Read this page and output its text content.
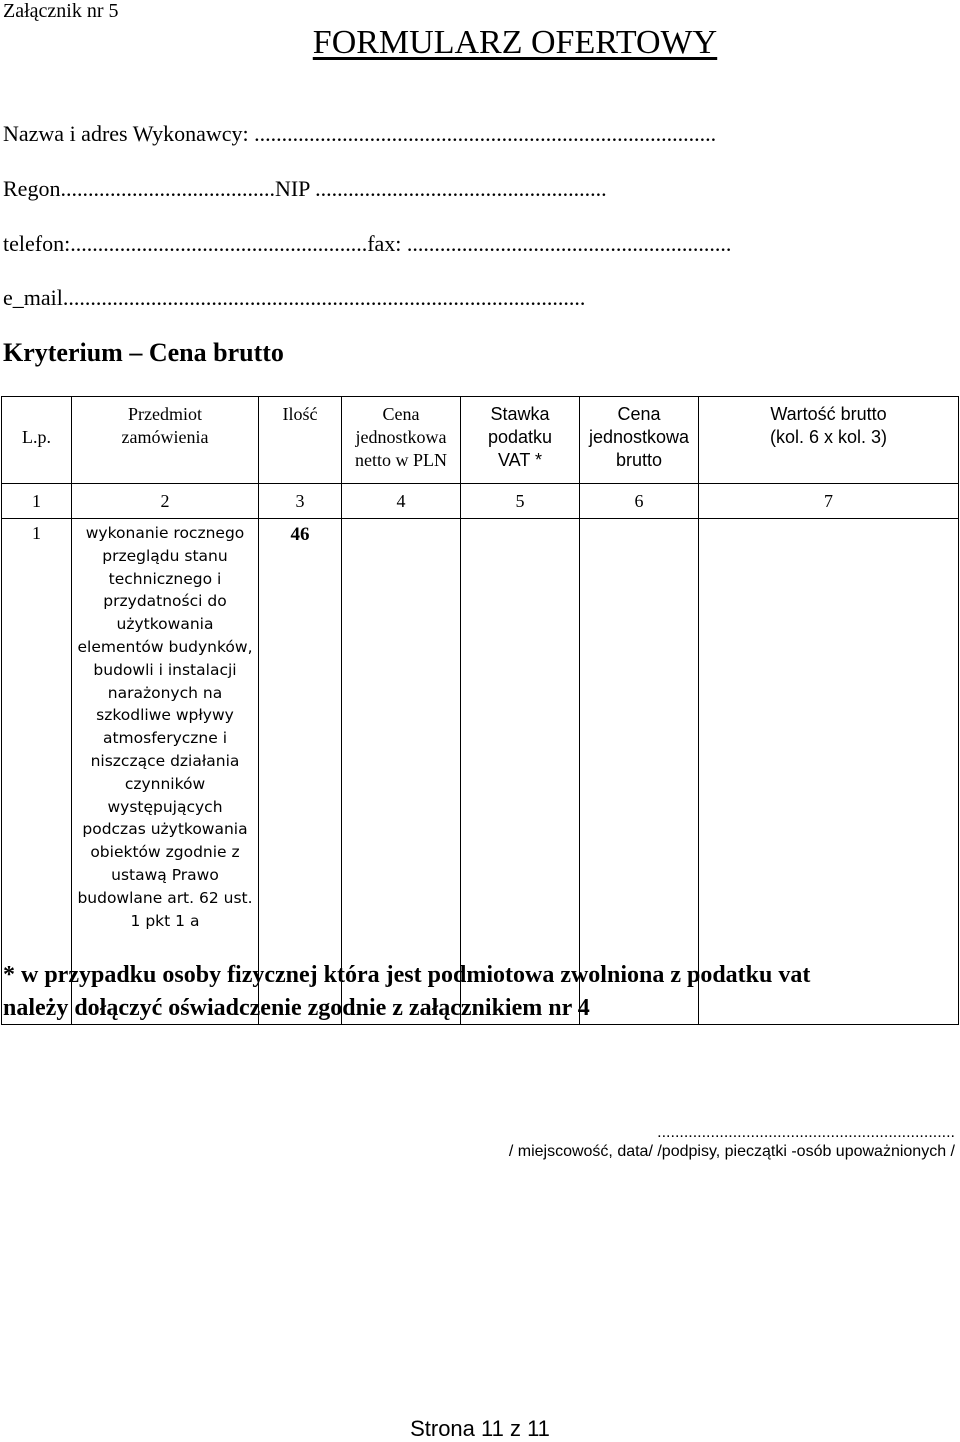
Załącznik nr 5
FORMULARZ OFERTOWY
Nazwa i adres Wykonawcy: ....................................................................................
Regon.......................................NIP .....................................................
telefon:......................................................fax: ...........................................................
e_mail...............................................................................................
Kryterium – Cena brutto
L.p.	Przedmiot zamówienia	Ilość	Cena jednostkowa netto w PLN	Stawka podatku VAT *	Cena jednostkowa brutto	Wartość brutto (kol. 6 x kol. 3)

1	2	3	4	5	6	7
1	wykonanie rocznego przeglądu stanu technicznego i przydatności do użytkowania elementów budynków, budowli i instalacji narażonych na szkodliwe wpływy atmosferyczne i niszczące działania czynników występujących podczas użytkowania obiektów zgodnie z ustawą Prawo budowlane art. 62 ust. 1 pkt 1 a	46				
* w przypadku osoby fizycznej która jest podmiotowa zwolniona z podatku vat
należy dołączyć oświadczenie zgodnie z załącznikiem nr 4
...................................................................
/ miejscowość, data/ /podpisy, pieczątki -osób upoważnionych /
Strona 11 z 11
